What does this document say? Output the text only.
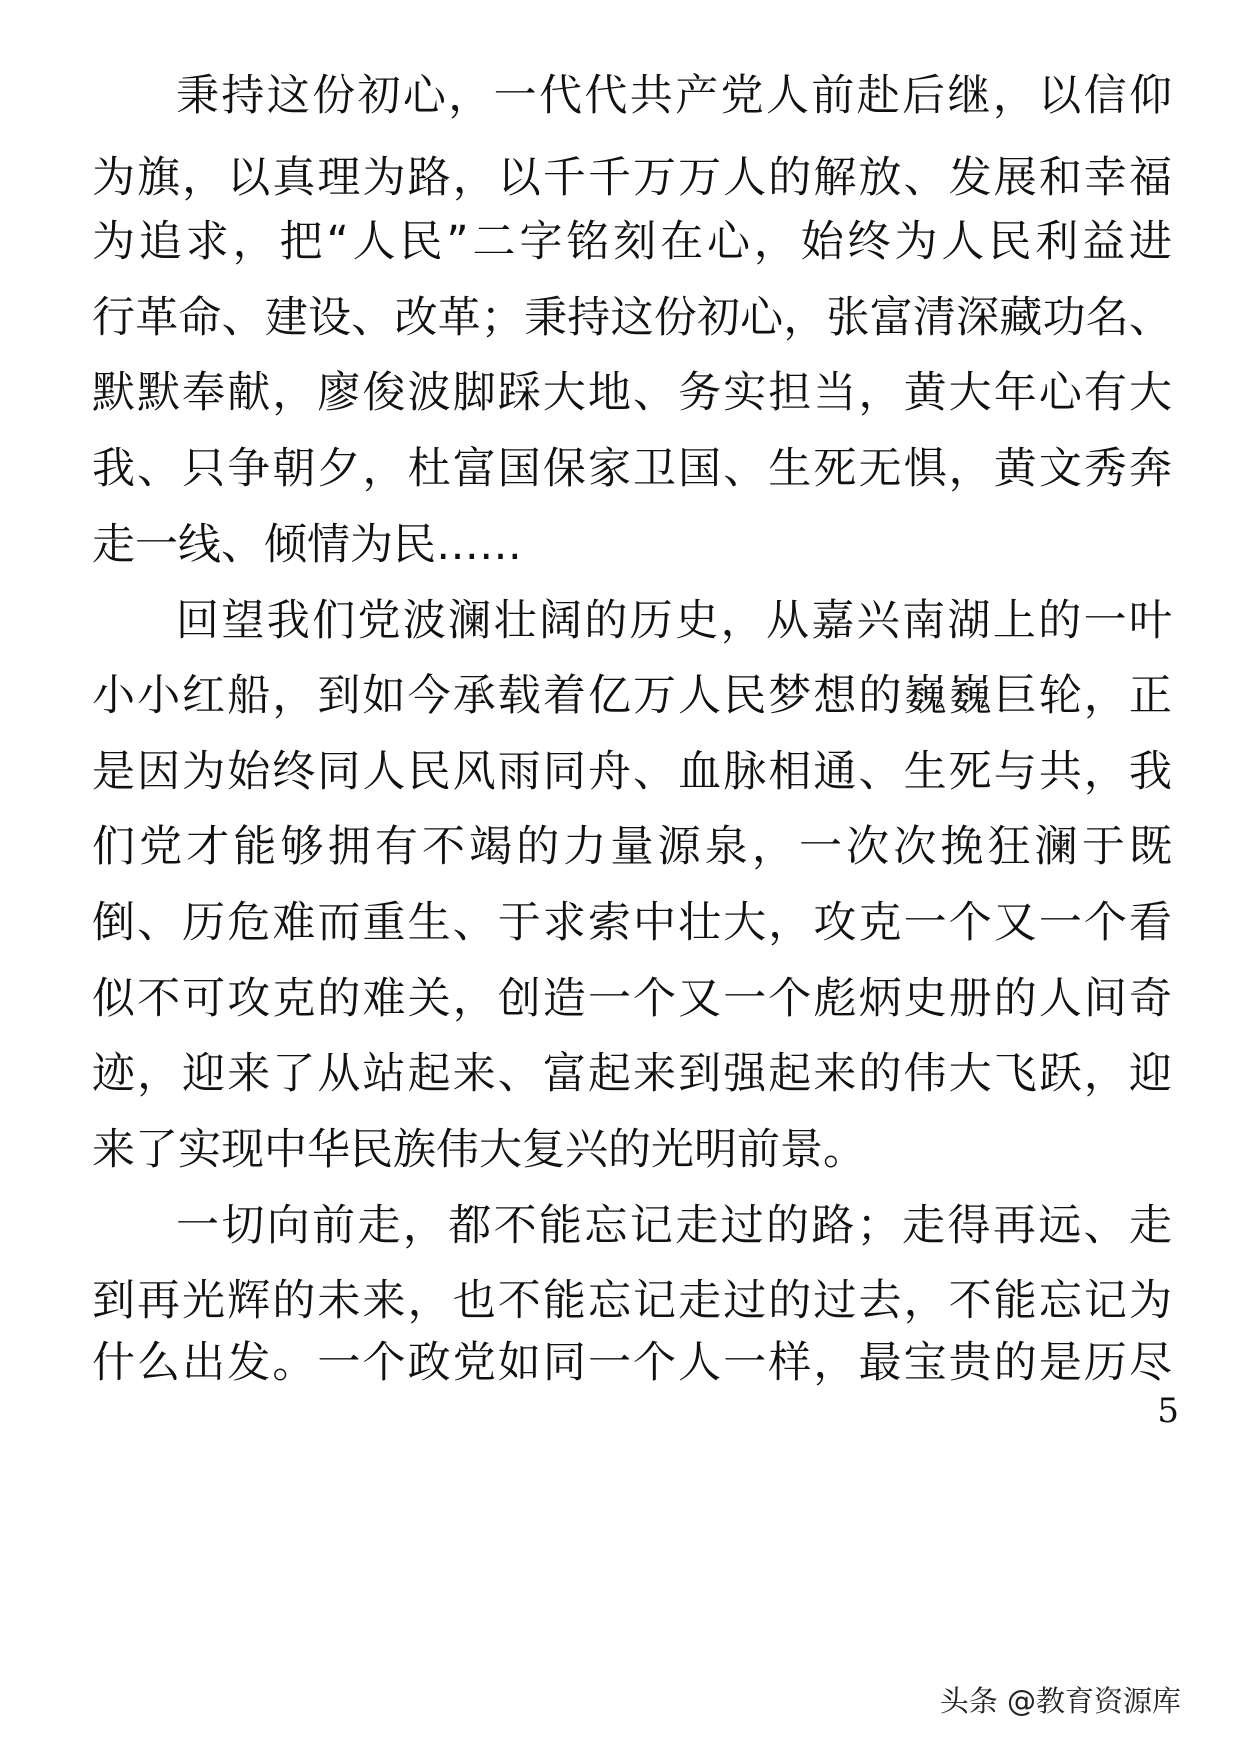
秉持这份初心，一代代共产党人前赴后继，以信仰
为旗，以真理为路，以千千万万人的解放、发展和幸福
为追求，把“人民”二字铭刻在心，始终为人民利益进
行革命、建设、改革；秉持这份初心，张富清深藏功名、
默默奉献，廖俊波脚踩大地、务实担当，黄大年心有大
我、只争朝夕，杜富国保家卫国、生死无惧，黄文秀奔
走一线、倾情为民……
回望我们党波澜壮阔的历史，从嘉兴南湖上的一叶
小小红船，到如今承载着亿万人民梦想的巍巍巨轮，正
是因为始终同人民风雨同舟、血脉相通、生死与共，我
们党才能够拥有不竭的力量源泉，一次次挽狂澜于既
倒、历危难而重生、于求索中壮大，攻克一个又一个看
似不可攻克的难关，创造一个又一个彪炳史册的人间奇
迹，迎来了从站起来、富起来到强起来的伟大飞跃，迎
来了实现中华民族伟大复兴的光明前景。
一切向前走，都不能忘记走过的路；走得再远、走
到再光辉的未来，也不能忘记走过的过去，不能忘记为
什么出发。一个政党如同一个人一样，最宝贵的是历尽
5
头条 @教育资源库
